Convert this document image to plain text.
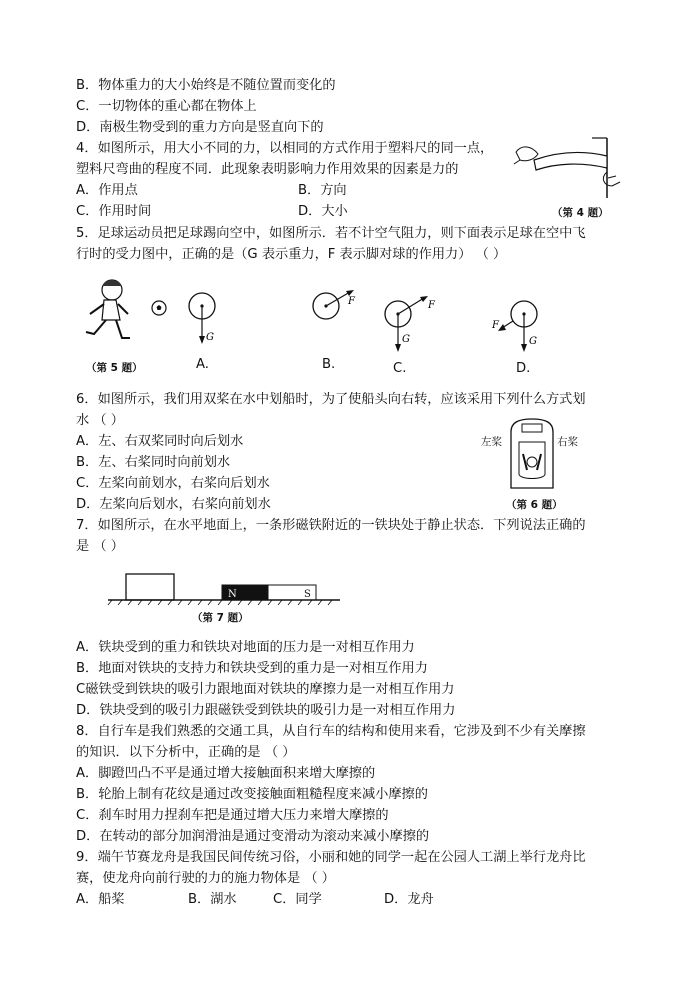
B．物体重力的大小始终是不随位置而变化的
C．一切物体的重心都在物体上
D．南极生物受到的重力方向是竖直向下的
4．如图所示，用大小不同的力，以相同的方式作用于塑料尺的同一点，
塑料尺弯曲的程度不同．此现象表明影响力作用效果的因素是力的
A．作用点	B．方向
C．作用时间	D．大小	（第 4 题）
5．足球运动员把足球踢向空中，如图所示．若不计空气阻力，则下面表示足球在空中飞
行时的受力图中，正确的是（G 表示重力，F 表示脚对球的作用力） （ ）
（第 5 题）
G
A.
F
B.
F
G
C.
F
G
D.
6．如图所示，我们用双桨在水中划船时，为了使船头向右转，应该采用下列什么方式划
水 （ ）
A．左、右双桨同时向后划水
B．左、右桨同时向前划水
C．左桨向前划水，右桨向后划水
D．左桨向后划水，右桨向前划水
左桨	右桨
（第 6 题）
7．如图所示，在水平地面上，一条形磁铁附近的一铁块处于静止状态．下列说法正确的
是 （ ）
N	S
（第 7 题）
A．铁块受到的重力和铁块对地面的压力是一对相互作用力
B．地面对铁块的支持力和铁块受到的重力是一对相互作用力
C磁铁受到铁块的吸引力跟地面对铁块的摩擦力是一对相互作用力
D．铁块受到的吸引力跟磁铁受到铁块的吸引力是一对相互作用力
8．自行车是我们熟悉的交通工具，从自行车的结构和使用来看，它涉及到不少有关摩擦
的知识．以下分析中，正确的是 （ ）
A．脚蹬凹凸不平是通过增大接触面积来增大摩擦的
B．轮胎上制有花纹是通过改变接触面粗糙程度来减小摩擦的
C．刹车时用力捏刹车把是通过增大压力来增大摩擦的
D．在转动的部分加润滑油是通过变滑动为滚动来减小摩擦的
9．端午节赛龙舟是我国民间传统习俗，小丽和她的同学一起在公园人工湖上举行龙舟比
赛，使龙舟向前行驶的力的施力物体是 （ ）
A．船桨	B．湖水	C．同学	D．龙舟
